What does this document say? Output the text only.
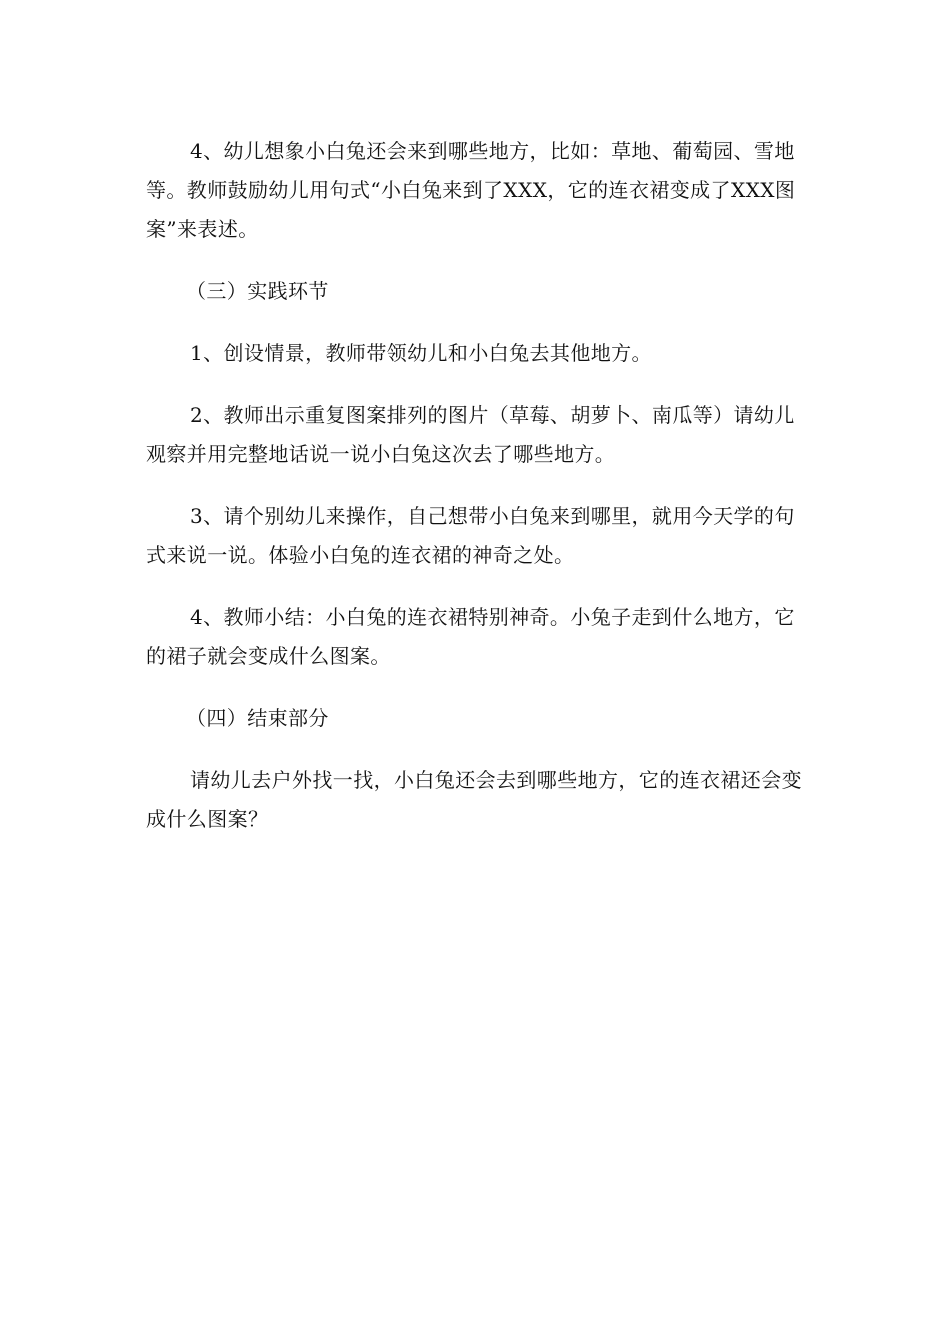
4、幼儿想象小白兔还会来到哪些地方，比如：草地、葡萄园、雪地等。教师鼓励幼儿用句式“小白兔来到了XXX，它的连衣裙变成了XXX图案”来表述。

（三）实践环节

1、创设情景，教师带领幼儿和小白兔去其他地方。

2、教师出示重复图案排列的图片（草莓、胡萝卜、南瓜等）请幼儿观察并用完整地话说一说小白兔这次去了哪些地方。

3、请个别幼儿来操作，自己想带小白兔来到哪里，就用今天学的句式来说一说。体验小白兔的连衣裙的神奇之处。

4、教师小结：小白兔的连衣裙特别神奇。小兔子走到什么地方，它的裙子就会变成什么图案。

（四）结束部分

请幼儿去户外找一找，小白兔还会去到哪些地方，它的连衣裙还会变成什么图案？
